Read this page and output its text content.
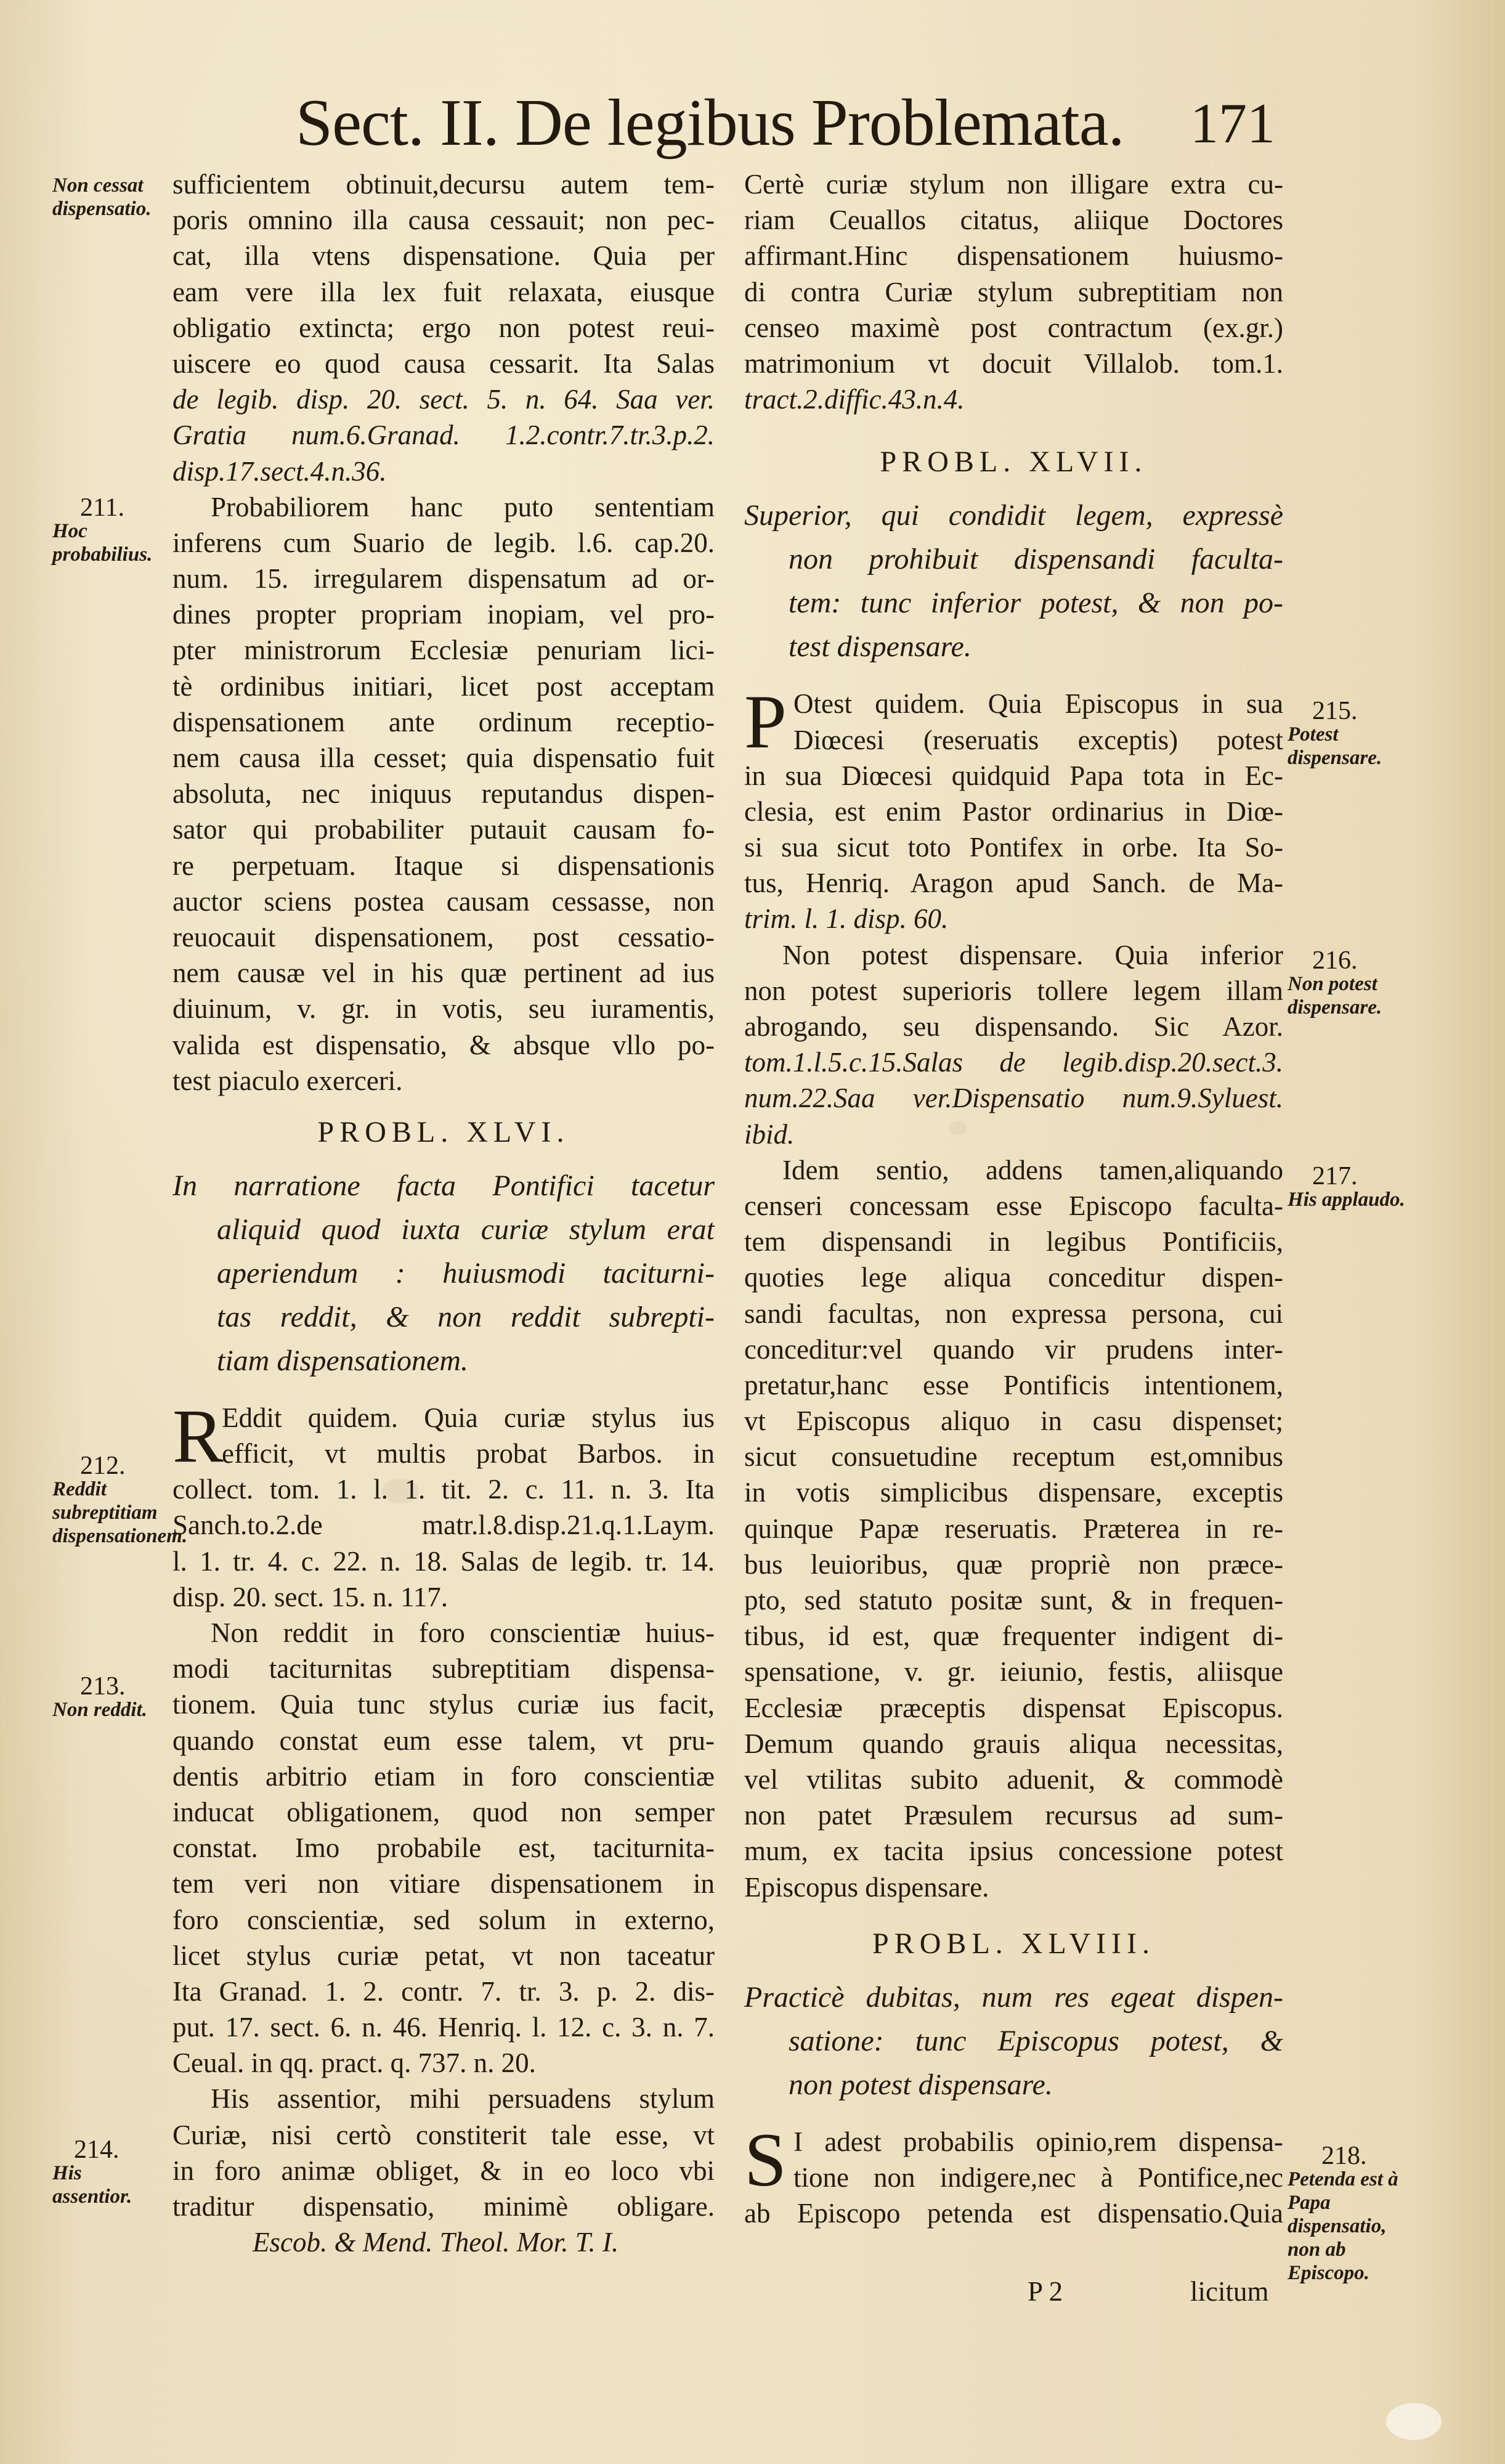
Sect. II. De legibus Problemata. 171
Non cessat dispensatio.
211.
Hoc probabilius.
212.
Reddit subreptitiam dispensationem.
213.
Non reddit.
214.
His assentior.
215.
Potest dispensare.
216.
Non potest dispensare.
217.
His applaudo.
218.
Petenda est à Papa dispensatio, non ab Episcopo.
sufficientem obtinuit,decursu autem tem-
poris omnino illa causa cessauit; non pec-
cat, illa vtens dispensatione. Quia per
eam vere illa lex fuit relaxata, eiusque
obligatio extincta; ergo non potest reui-
uiscere eo quod causa cessarit. Ita Salas
de legib. disp. 20. sect. 5. n. 64. Saa ver.
Gratia num.6.Granad. 1.2.contr.7.tr.3.p.2.
disp.17.sect.4.n.36.
Probabiliorem hanc puto sententiam
inferens cum Suario de legib. l.6. cap.20.
num. 15. irregularem dispensatum ad or-
dines propter propriam inopiam, vel pro-
pter ministrorum Ecclesiæ penuriam lici-
tè ordinibus initiari, licet post acceptam
dispensationem ante ordinum receptio-
nem causa illa cesset; quia dispensatio fuit
absoluta, nec iniquus reputandus dispen-
sator qui probabiliter putauit causam fo-
re perpetuam. Itaque si dispensationis
auctor sciens postea causam cessasse, non
reuocauit dispensationem, post cessatio-
nem causæ vel in his quæ pertinent ad ius
diuinum, v. gr. in votis, seu iuramentis,
valida est dispensatio, & absque vllo po-
test piaculo exerceri.
PROBL. XLVI.
In narratione facta Pontifici tacetur
aliquid quod iuxta curiæ stylum erat
aperiendum : huiusmodi taciturni-
tas reddit, & non reddit subrepti-
tiam dispensationem.
R
Eddit quidem. Quia curiæ stylus ius
efficit, vt multis probat Barbos. in
collect. tom. 1. l. 1. tit. 2. c. 11. n. 3. Ita
Sanch.to.2.de matr.l.8.disp.21.q.1.Laym.
l. 1. tr. 4. c. 22. n. 18. Salas de legib. tr. 14.
disp. 20. sect. 15. n. 117.
Non reddit in foro conscientiæ huius-
modi taciturnitas subreptitiam dispensa-
tionem. Quia tunc stylus curiæ ius facit,
quando constat eum esse talem, vt pru-
dentis arbitrio etiam in foro conscientiæ
inducat obligationem, quod non semper
constat. Imo probabile est, taciturnita-
tem veri non vitiare dispensationem in
foro conscientiæ, sed solum in externo,
licet stylus curiæ petat, vt non taceatur
Ita Granad. 1. 2. contr. 7. tr. 3. p. 2. dis-
put. 17. sect. 6. n. 46. Henriq. l. 12. c. 3. n. 7.
Ceual. in qq. pract. q. 737. n. 20.
His assentior, mihi persuadens stylum
Curiæ, nisi certò constiterit tale esse, vt
in foro animæ obliget, & in eo loco vbi
traditur dispensatio, minimè obligare.
Escob. & Mend. Theol. Mor. T. I.
Certè curiæ stylum non illigare extra cu-
riam Ceuallos citatus, aliique Doctores
affirmant.Hinc dispensationem huiusmo-
di contra Curiæ stylum subreptitiam non
censeo maximè post contractum (ex.gr.)
matrimonium vt docuit Villalob. tom.1.
tract.2.diffic.43.n.4.
PROBL. XLVII.
Superior, qui condidit legem, expressè
non prohibuit dispensandi faculta-
tem: tunc inferior potest, & non po-
test dispensare.
P Otest quidem. Quia Episcopus in sua
Diœcesi (reseruatis exceptis) potest
in sua Diœcesi quidquid Papa tota in Ec-
clesia, est enim Pastor ordinarius in Diœ-
si sua sicut toto Pontifex in orbe. Ita So-
tus, Henriq. Aragon apud Sanch. de Ma-
trim. l. 1. disp. 60.
Non potest dispensare. Quia inferior
non potest superioris tollere legem illam
abrogando, seu dispensando. Sic Azor.
tom.1.l.5.c.15.Salas de legib.disp.20.sect.3.
num.22.Saa ver.Dispensatio num.9.Syluest.
ibid.
Idem sentio, addens tamen,aliquando
censeri concessam esse Episcopo faculta-
tem dispensandi in legibus Pontificiis,
quoties lege aliqua conceditur dispen-
sandi facultas, non expressa persona, cui
conceditur:vel quando vir prudens inter-
pretatur,hanc esse Pontificis intentionem,
vt Episcopus aliquo in casu dispenset;
sicut consuetudine receptum est,omnibus
in votis simplicibus dispensare, exceptis
quinque Papæ reseruatis. Præterea in re-
bus leuioribus, quæ propriè non præce-
pto, sed statuto positæ sunt, & in frequen-
tibus, id est, quæ frequenter indigent di-
spensatione, v. gr. ieiunio, festis, aliisque
Ecclesiæ præceptis dispensat Episcopus.
Demum quando grauis aliqua necessitas,
vel vtilitas subito aduenit, & commodè
non patet Præsulem recursus ad sum-
mum, ex tacita ipsius concessione potest
Episcopus dispensare.
PROBL. XLVIII.
Practicè dubitas, num res egeat dispen-
satione: tunc Episcopus potest, &
non potest dispensare.
S I adest probabilis opinio,rem dispensa-
tione non indigere,nec à Pontifice,nec
ab Episcopo petenda est dispensatio.Quia
P 2	licitum
